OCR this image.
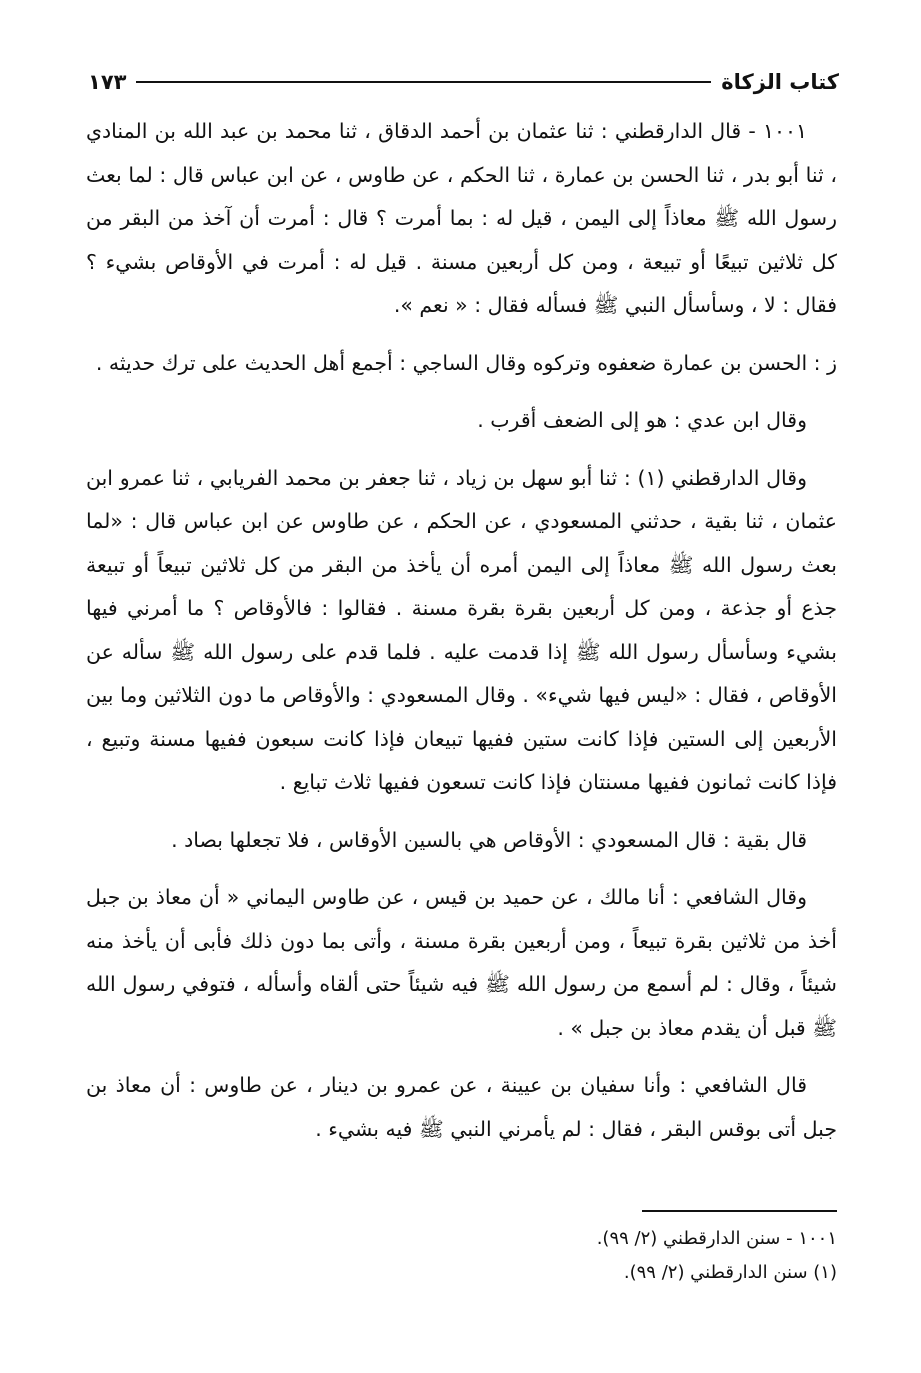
كتاب الزكاة
١٧٣

١٠٠١ - قال الدارقطني : ثنا عثمان بن أحمد الدقاق ، ثنا محمد بن عبد الله بن المنادي ، ثنا أبو بدر ، ثنا الحسن بن عمارة ، ثنا الحكم ، عن طاوس ، عن ابن عباس قال : لما بعث رسول الله ﷺ معاذاً إلى اليمن ، قيل له : بما أمرت ؟ قال : أمرت أن آخذ من البقر من كل ثلاثين تبيعًا أو تبيعة ، ومن كل أربعين مسنة . قيل له : أمرت في الأوقاص بشيء ؟ فقال : لا ، وسأسأل النبي ﷺ فسأله فقال : « نعم ».

ز : الحسن بن عمارة ضعفوه وتركوه وقال الساجي : أجمع أهل الحديث على ترك حديثه .

وقال ابن عدي : هو إلى الضعف أقرب .

وقال الدارقطني (١) : ثنا أبو سهل بن زياد ، ثنا جعفر بن محمد الفريابي ، ثنا عمرو ابن عثمان ، ثنا بقية ، حدثني المسعودي ، عن الحكم ، عن طاوس عن ابن عباس قال : «لما بعث رسول الله ﷺ معاذاً إلى اليمن أمره أن يأخذ من البقر من كل ثلاثين تبيعاً أو تبيعة جذع أو جذعة ، ومن كل أربعين بقرة بقرة مسنة . فقالوا : فالأوقاص ؟ ما أمرني فيها بشيء وسأسأل رسول الله ﷺ إذا قدمت عليه . فلما قدم على رسول الله ﷺ سأله عن الأوقاص ، فقال : «ليس فيها شيء» . وقال المسعودي : والأوقاص ما دون الثلاثين وما بين الأربعين إلى الستين فإذا كانت ستين ففيها تبيعان فإذا كانت سبعون ففيها مسنة وتبيع ، فإذا كانت ثمانون ففيها مسنتان فإذا كانت تسعون ففيها ثلاث تبايع .

قال بقية : قال المسعودي : الأوقاص هي بالسين الأوقاس ، فلا تجعلها بصاد .

وقال الشافعي : أنا مالك ، عن حميد بن قيس ، عن طاوس اليماني « أن معاذ بن جبل أخذ من ثلاثين بقرة تبيعاً ، ومن أربعين بقرة مسنة ، وأتى بما دون ذلك فأبى أن يأخذ منه شيئاً ، وقال : لم أسمع من رسول الله ﷺ فيه شيئاً حتى ألقاه وأسأله ، فتوفي رسول الله ﷺ قبل أن يقدم معاذ بن جبل » .

قال الشافعي : وأنا سفيان بن عيينة ، عن عمرو بن دينار ، عن طاوس : أن معاذ بن جبل أتى بوقس البقر ، فقال : لم يأمرني النبي ﷺ فيه بشيء .

١٠٠١ - سنن الدارقطني (٢/ ٩٩).
(١) سنن الدارقطني (٢/ ٩٩).
